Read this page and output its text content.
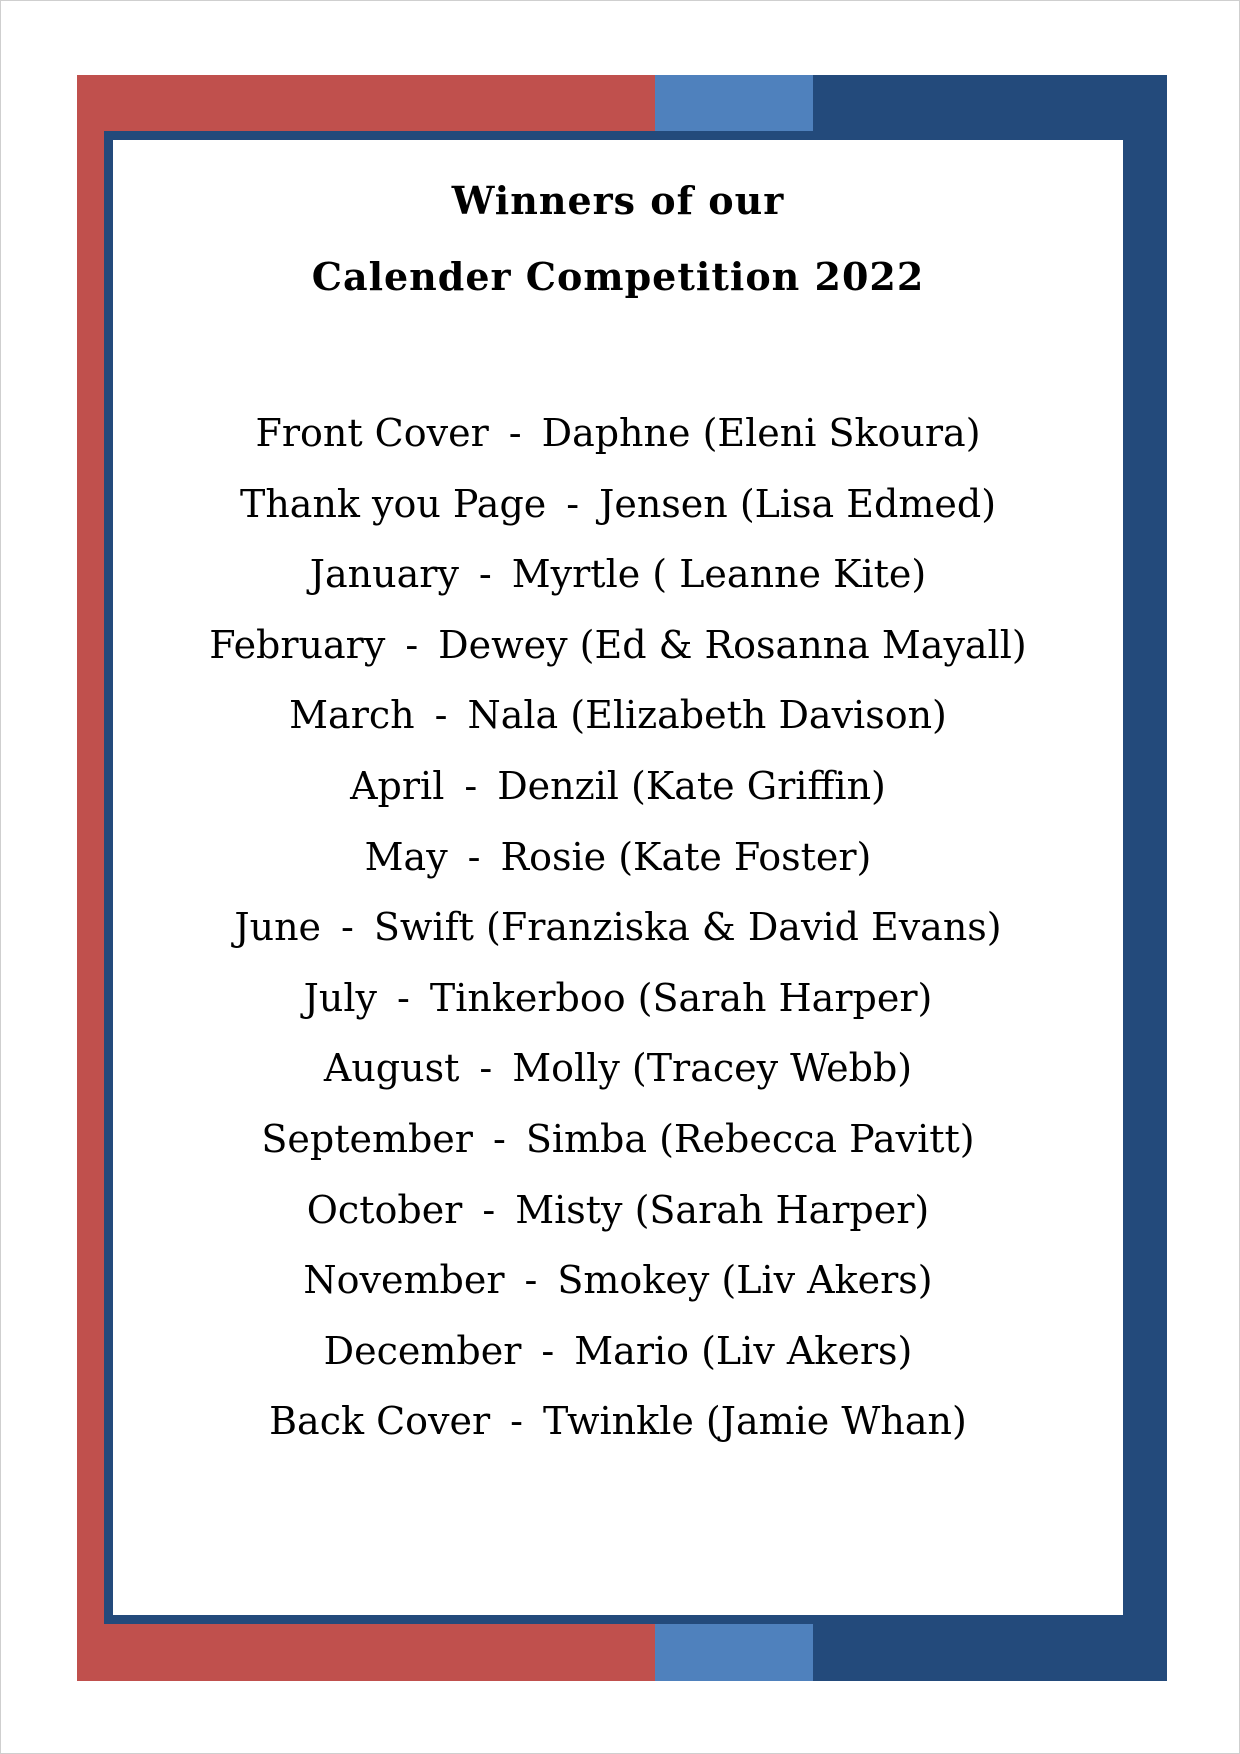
Winners of our
Calender Competition 2022
Front Cover - Daphne (Eleni Skoura)
Thank you Page - Jensen (Lisa Edmed)
January - Myrtle ( Leanne Kite)
February - Dewey (Ed & Rosanna Mayall)
March - Nala (Elizabeth Davison)
April - Denzil (Kate Griffin)
May - Rosie (Kate Foster)
June - Swift (Franziska & David Evans)
July - Tinkerboo (Sarah Harper)
August - Molly (Tracey Webb)
September - Simba (Rebecca Pavitt)
October - Misty (Sarah Harper)
November - Smokey (Liv Akers)
December - Mario (Liv Akers)
Back Cover - Twinkle (Jamie Whan)
